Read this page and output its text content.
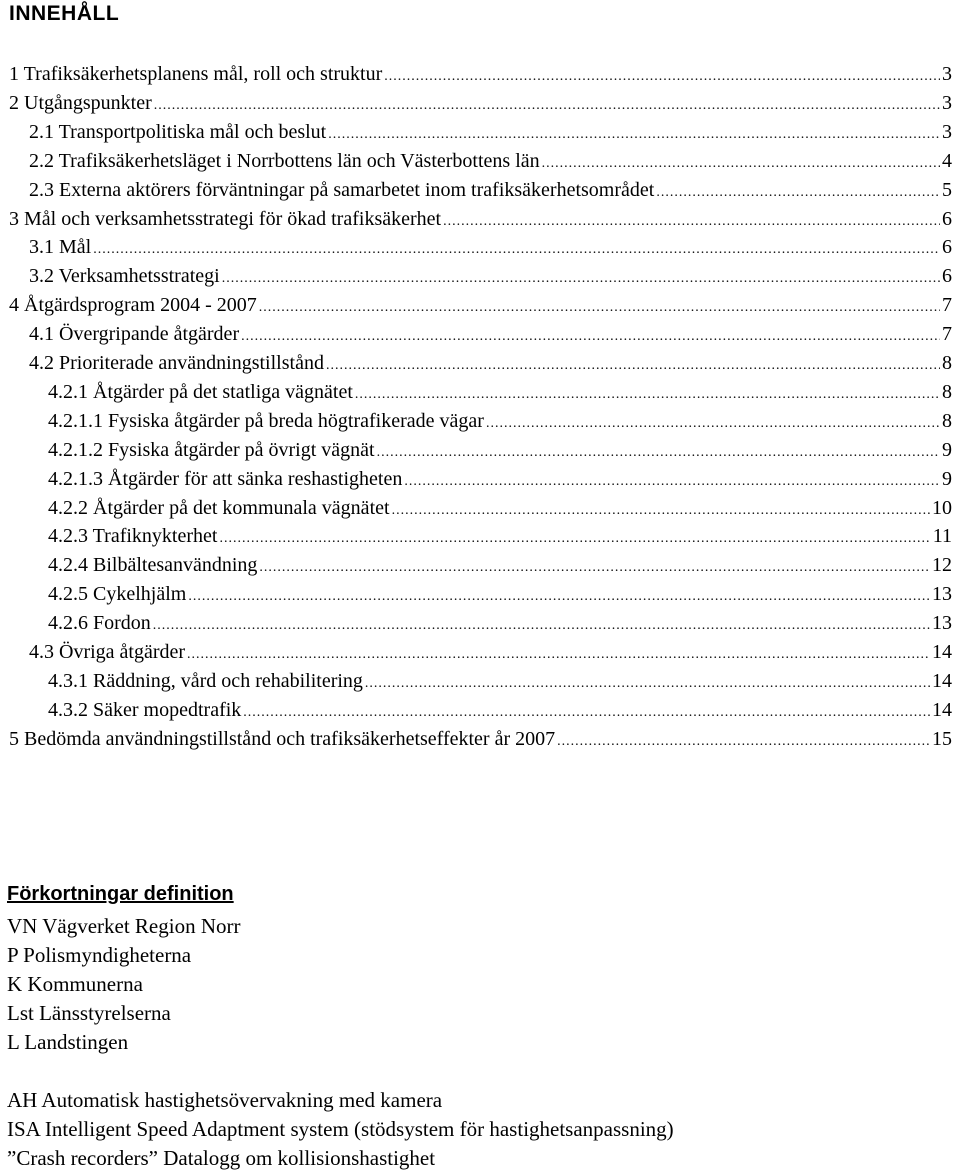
INNEHÅLL
1 Trafiksäkerhetsplanens mål, roll och struktur .....	3
2 Utgångspunkter .....	3
2.1 Transportpolitiska mål och beslut .....	3
2.2 Trafiksäkerhetsläget i Norrbottens län och Västerbottens län .....	4
2.3 Externa aktörers förväntningar på samarbetet inom trafiksäkerhetsområdet .....	5
3 Mål och verksamhetsstrategi för ökad trafiksäkerhet .....	6
3.1 Mål .....	6
3.2 Verksamhetsstrategi .....	6
4 Åtgärdsprogram 2004 - 2007 .....	7
4.1 Övergripande åtgärder .....	7
4.2 Prioriterade användningstillstånd .....	8
4.2.1 Åtgärder på det statliga vägnätet .....	8
4.2.1.1 Fysiska åtgärder på breda högtrafikerade vägar .....	8
4.2.1.2 Fysiska åtgärder på övrigt vägnät .....	9
4.2.1.3 Åtgärder för att sänka reshastigheten .....	9
4.2.2 Åtgärder på det kommunala vägnätet .....	10
4.2.3 Trafiknykterhet .....	11
4.2.4 Bilbältesanvändning .....	12
4.2.5 Cykelhjälm .....	13
4.2.6 Fordon .....	13
4.3 Övriga åtgärder .....	14
4.3.1 Räddning, vård och rehabilitering .....	14
4.3.2 Säker mopedtrafik .....	14
5 Bedömda användningstillstånd och trafiksäkerhetseffekter år 2007 .....	15
Förkortningar definition
VN Vägverket Region Norr
P Polismyndigheterna
K Kommunerna
Lst Länsstyrelserna
L Landstingen
AH Automatisk hastighetsövervakning med kamera
ISA Intelligent Speed Adaptment system (stödsystem för hastighetsanpassning)
”Crash recorders” Datalogg om kollisionshastighet
